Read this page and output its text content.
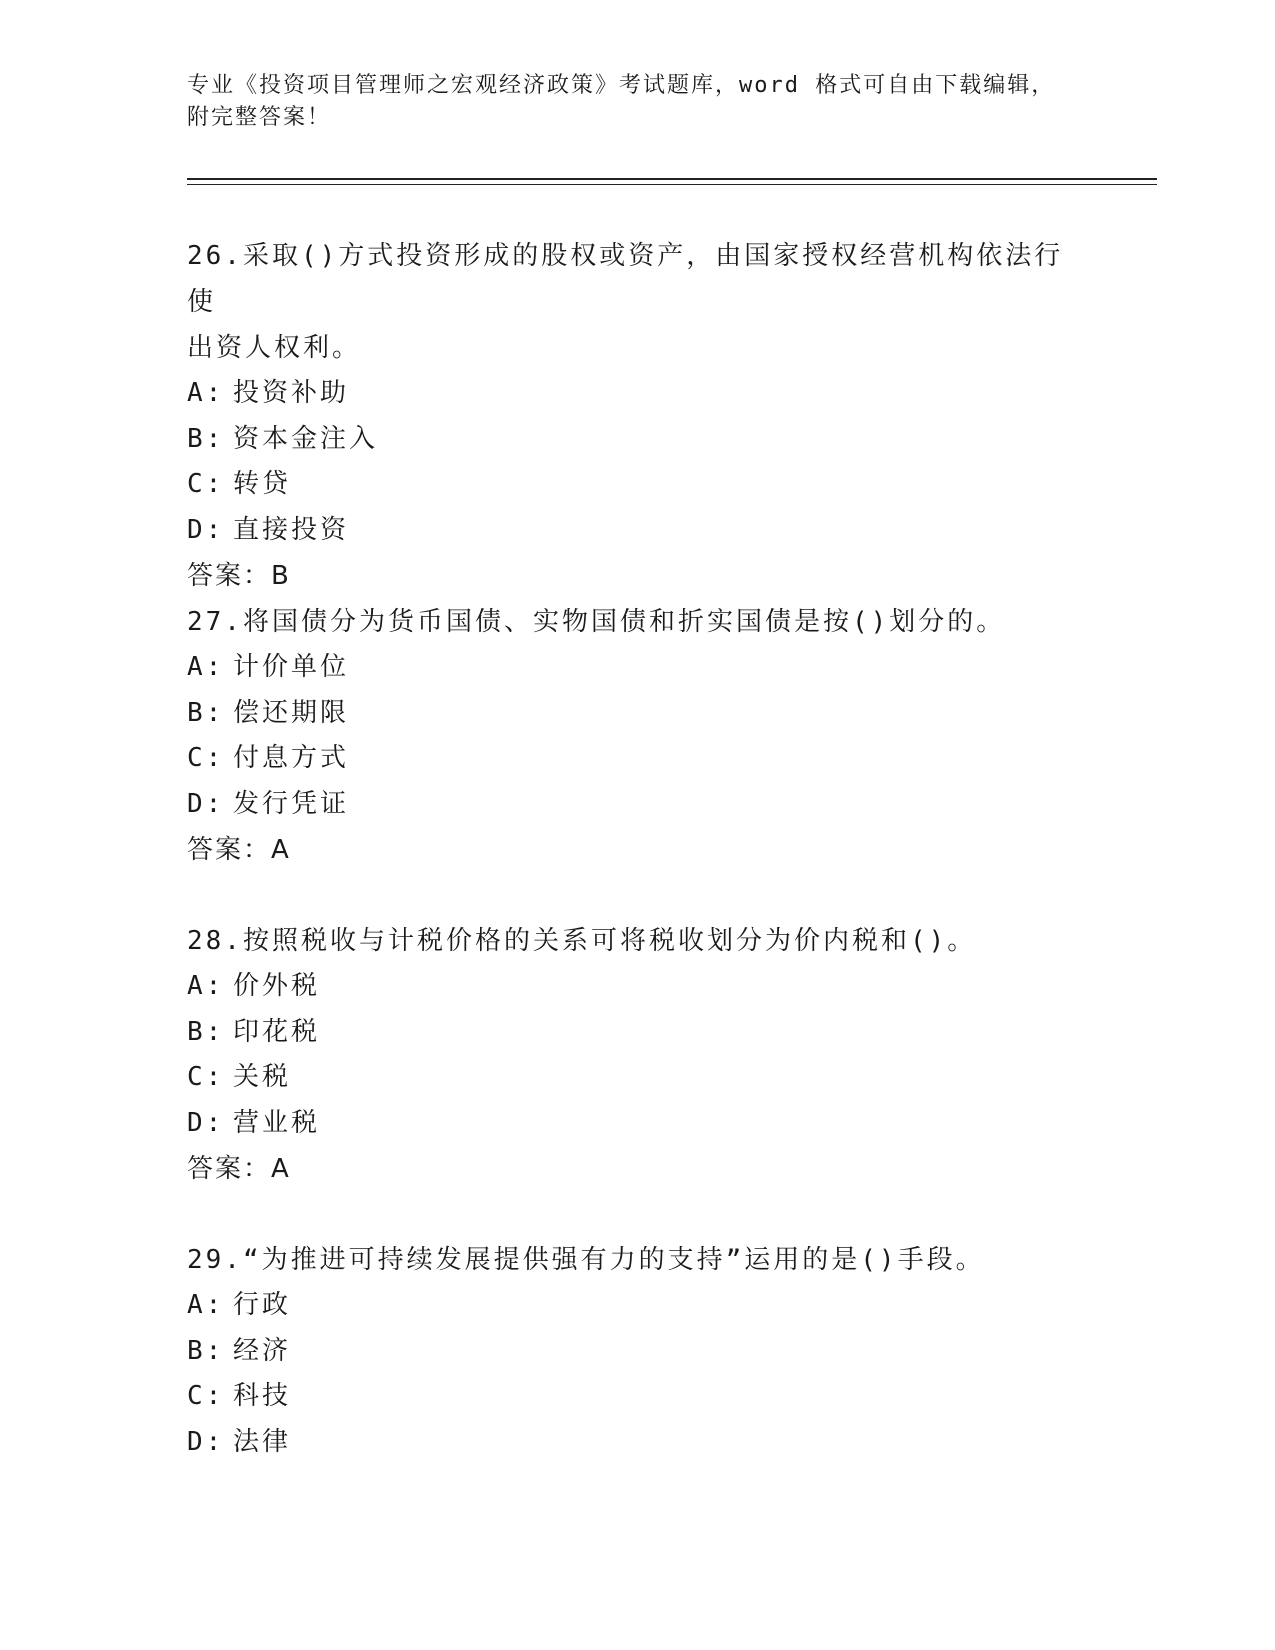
专业《投资项目管理师之宏观经济政策》考试题库，word 格式可自由下载编辑，
附完整答案！
26.采取()方式投资形成的股权或资产，由国家授权经营机构依法行使
出资人权利。
A: 投资补助
B: 资本金注入
C: 转贷
D: 直接投资
答案：B
27.将国债分为货币国债、实物国债和折实国债是按()划分的。
A: 计价单位
B: 偿还期限
C: 付息方式
D: 发行凭证
答案：A
28.按照税收与计税价格的关系可将税收划分为价内税和()。
A: 价外税
B: 印花税
C: 关税
D: 营业税
答案：A
29.“为推进可持续发展提供强有力的支持”运用的是()手段。
A: 行政
B: 经济
C: 科技
D: 法律
